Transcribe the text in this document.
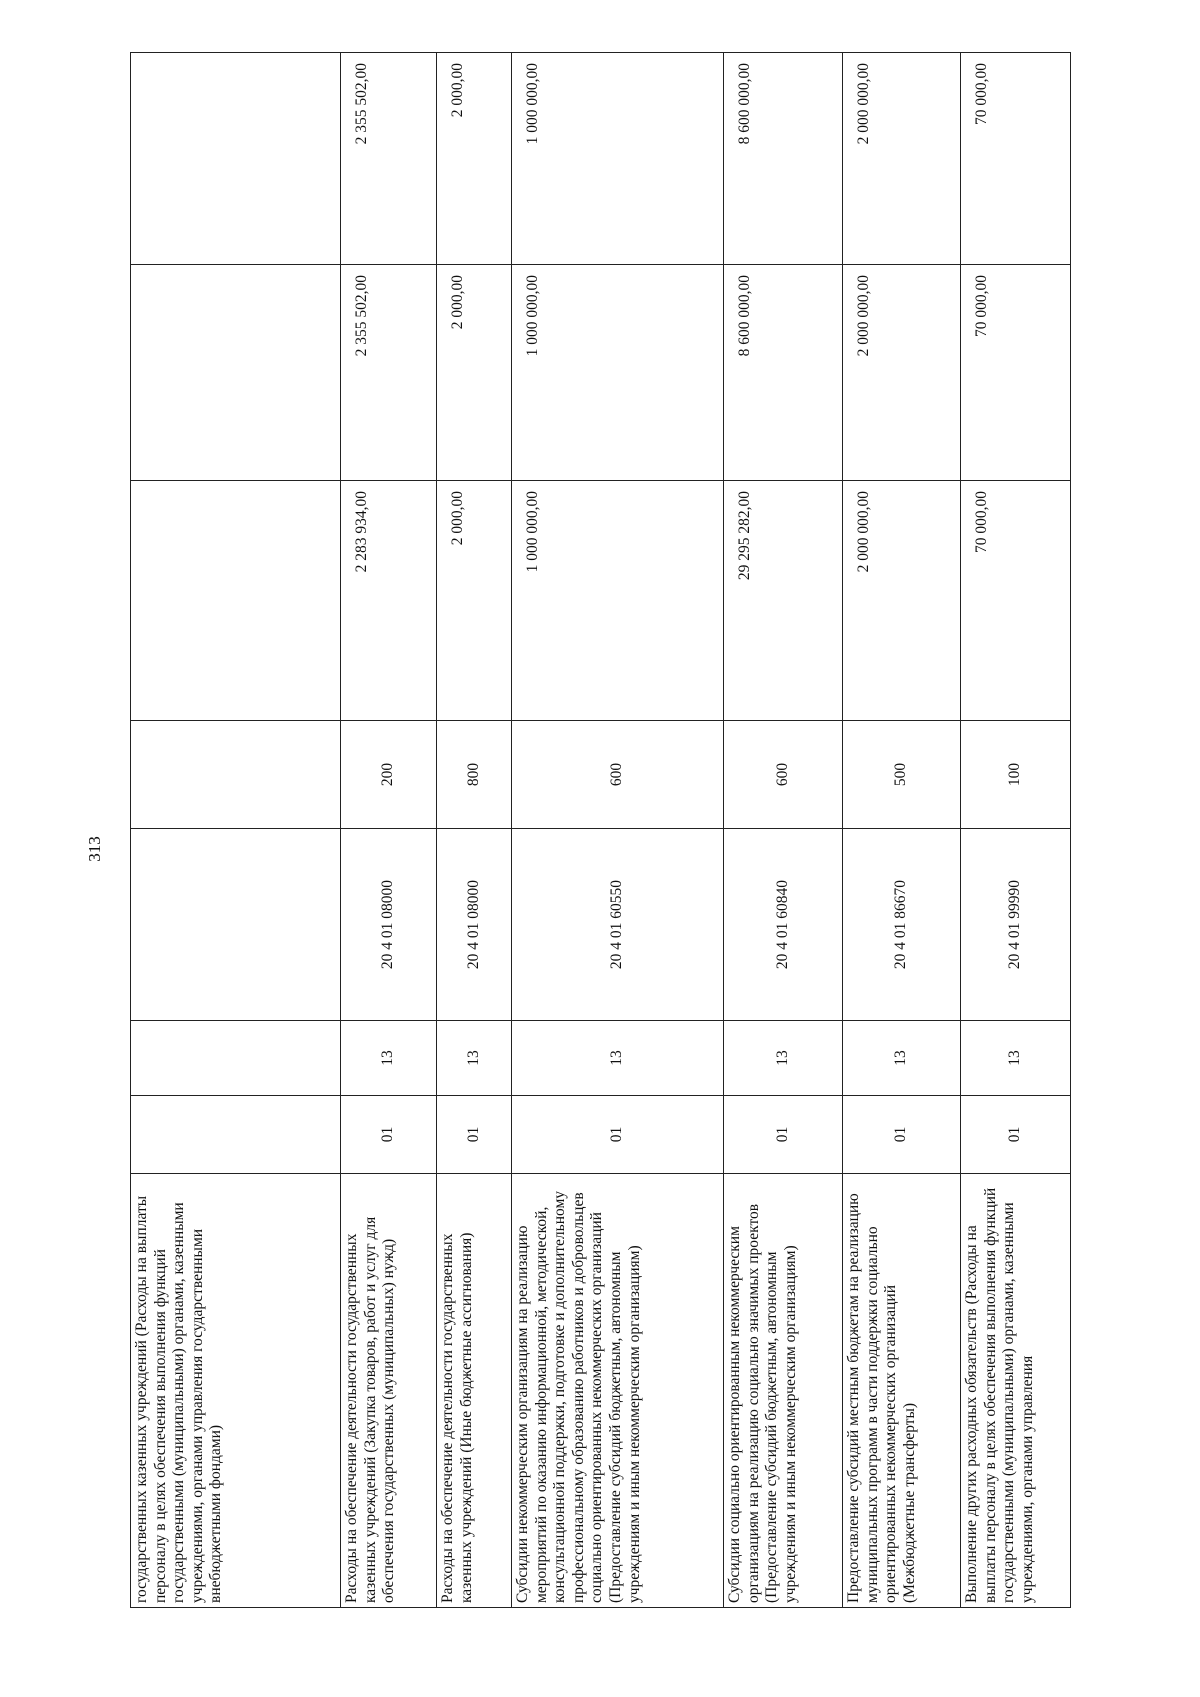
313
государственных казенных учреждений (Расходы на выплаты персоналу в целях обеспечения выполнения функций государственными (муниципальными) органами, казенными учреждениями, органами управления государственными внебюджетными фондами)							
Расходы на обеспечение деятельности государственных казенных учреждений (Закупка товаров, работ и услуг для обеспечения государственных (муниципальных) нужд)	01	13	20 4 01 08000	200	2 283 934,00	2 355 502,00	2 355 502,00
Расходы на обеспечение деятельности государственных казенных учреждений (Иные бюджетные ассигнования)	01	13	20 4 01 08000	800	2 000,00	2 000,00	2 000,00
Субсидии некоммерческим организациям на реализацию мероприятий по оказанию информационной, методической, консультационной поддержки, подготовке и дополнительному профессиональному образованию работников и добровольцев социально ориентированных некоммерческих организаций (Предоставление субсидий бюджетным, автономным учреждениям и иным некоммерческим организациям)	01	13	20 4 01 60550	600	1 000 000,00	1 000 000,00	1 000 000,00
Субсидии социально ориентированным некоммерческим организациям на реализацию социально значимых проектов (Предоставление субсидий бюджетным, автономным учреждениям и иным некоммерческим организациям)	01	13	20 4 01 60840	600	29 295 282,00	8 600 000,00	8 600 000,00
Предоставление субсидий местным бюджетам на реализацию муниципальных программ в части поддержки социально ориентированных некоммерческих организаций (Межбюджетные трансферты)	01	13	20 4 01 86670	500	2 000 000,00	2 000 000,00	2 000 000,00
Выполнение других расходных обязательств (Расходы на выплаты персоналу в целях обеспечения выполнения функций государственными (муниципальными) органами, казенными учреждениями, органами управления	01	13	20 4 01 99990	100	70 000,00	70 000,00	70 000,00
